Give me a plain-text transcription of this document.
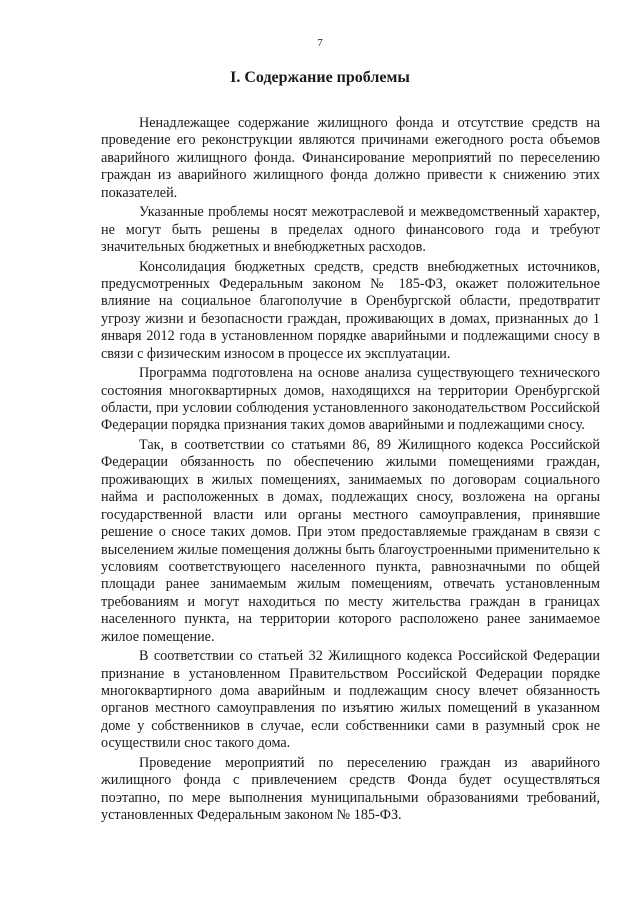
7
I. Содержание проблемы

Ненадлежащее содержание жилищного фонда и отсутствие средств на проведение его реконструкции являются причинами ежегодного роста объемов аварийного жилищного фонда. Финансирование мероприятий по переселению граждан из аварийного жилищного фонда должно привести к снижению этих показателей.

Указанные проблемы носят межотраслевой и межведомственный характер, не могут быть решены в пределах одного финансового года и требуют значительных бюджетных и внебюджетных расходов.

Консолидация бюджетных средств, средств внебюджетных источников, предусмотренных Федеральным законом № 185-ФЗ, окажет положительное влияние на социальное благополучие в Оренбургской области, предотвратит угрозу жизни и безопасности граждан, проживающих в домах, признанных до 1 января 2012 года в установленном порядке аварийными и подлежащими сносу в связи с физическим износом в процессе их эксплуатации.

Программа подготовлена на основе анализа существующего технического состояния многоквартирных домов, находящихся на территории Оренбургской области, при условии соблюдения установленного законодательством Российской Федерации порядка признания таких домов аварийными и подлежащими сносу.

Так, в соответствии со статьями 86, 89 Жилищного кодекса Российской Федерации обязанность по обеспечению жилыми помещениями граждан, проживающих в жилых помещениях, занимаемых по договорам социального найма и расположенных в домах, подлежащих сносу, возложена на органы государственной власти или органы местного самоуправления, принявшие решение о сносе таких домов. При этом предоставляемые гражданам в связи с выселением жилые помещения должны быть благоустроенными применительно к условиям соответствующего населенного пункта, равнозначными по общей площади ранее занимаемым жилым помещениям, отвечать установленным требованиям и могут находиться по месту жительства граждан в границах населенного пункта, на территории которого расположено ранее занимаемое жилое помещение.

В соответствии со статьей 32 Жилищного кодекса Российской Федерации признание в установленном Правительством Российской Федерации порядке многоквартирного дома аварийным и подлежащим сносу влечет обязанность органов местного самоуправления по изъятию жилых помещений в указанном доме у собственников в случае, если собственники сами в разумный срок не осуществили снос такого дома.

Проведение мероприятий по переселению граждан из аварийного жилищного фонда с привлечением средств Фонда будет осуществляться поэтапно, по мере выполнения муниципальными образованиями требований, установленных Федеральным законом № 185-ФЗ.
